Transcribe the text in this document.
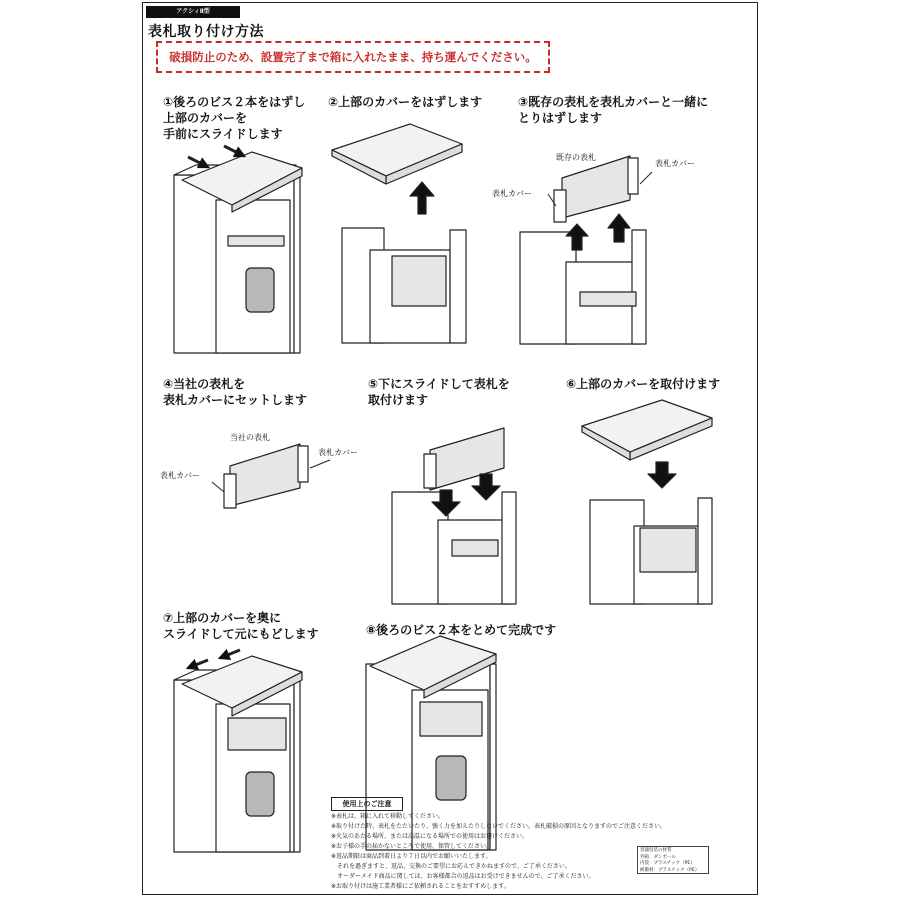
アクシィⅡ型
表札取り付け方法
破損防止のため、設置完了まで箱に入れたまま、持ち運んでください。
①後ろのビス２本をはずし
上部のカバーを
手前にスライドします
②上部のカバーをはずします	③既存の表札を表札カバーと一緒に
とりはずします
④当社の表札を
表札カバーにセットします
⑤下にスライドして表札を
取付けます
⑥上部のカバーを取付けます
⑦上部のカバーを奥に
スライドして元にもどします	⑧後ろのビス２本をとめて完成です
既存の表札
表札カバー
表札カバー
当社の表札
表札カバー
表札カバー
使用上のご注意
※表札は、箱に入れて移動してください。
※取り付けた時、表札をたたいたり、強く力を加えたりしないでください。表札破損の原因となりますのでご注意ください。
※火気のあたる場所、または高温になる場所での使用はお避けください。
※お子様の手の届かないところで使用、保管してください。
※返品期限は商品到着日より７日以内でお願いいたします。
　それを過ぎますと、返品、交換のご要望にお応えできかねますので、ご了承ください。
　オーダーメイド商品に関しては、お客様都合の返品はお受けできませんので、ご了承ください。
※お取り付けは施工業者様にご依頼されることをおすすめします。
容器包装の材質
外箱：ダンボール
内袋：プラスチック（PE）
緩衝材：プラスチック（PE）
